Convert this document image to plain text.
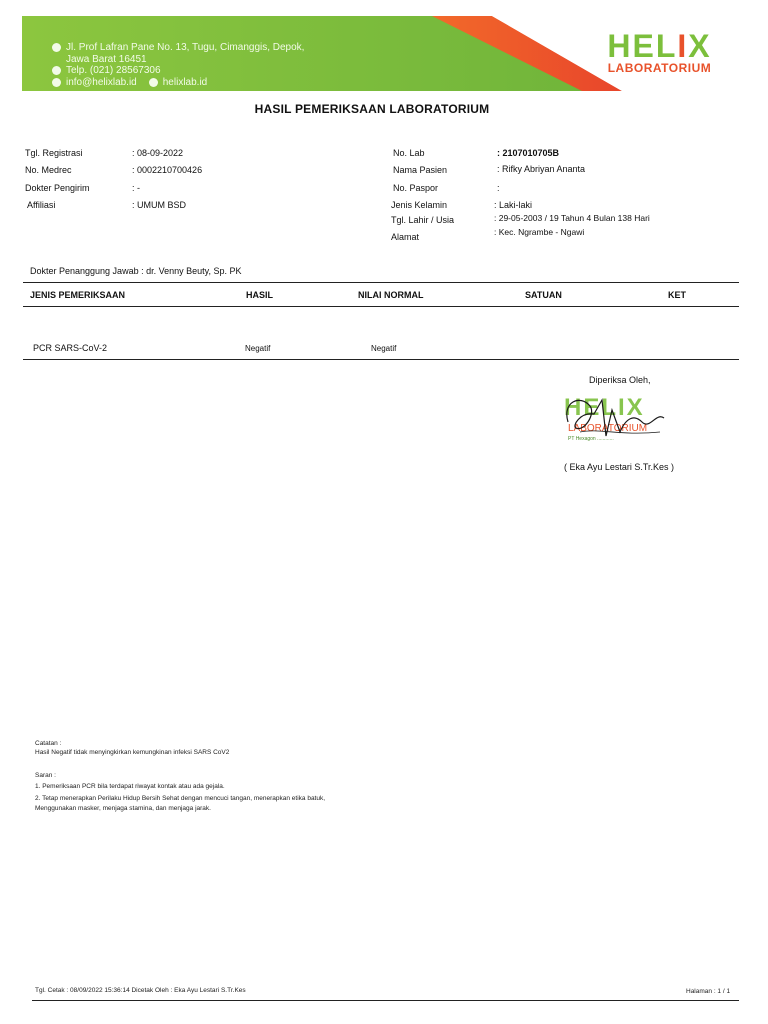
Jl. Prof Lafran Pane No. 13, Tugu, Cimanggis, Depok,
Jawa Barat 16451
Telp. (021) 28567306
info@helixlab.id	helixlab.id
HELIX
LABORATORIUM
HASIL PEMERIKSAAN LABORATORIUM
Tgl. Registrasi	: 08-09-2022
No. Medrec	: 0002210700426
Dokter Pengirim	: -
Affiliasi	: UMUM BSD
No. Lab	: 2107010705B
Nama Pasien	: Rifky Abriyan Ananta
No. Paspor	:
Jenis Kelamin	: Laki-laki
Tgl. Lahir / Usia	: 29-05-2003 / 19 Tahun 4 Bulan 138 Hari
Alamat	: Kec. Ngrambe - Ngawi
Dokter Penanggung Jawab : dr. Venny Beuty, Sp. PK
JENIS PEMERIKSAAN	HASIL	NILAI NORMAL	SATUAN	KET
PCR SARS-CoV-2	Negatif	Negatif
Diperiksa Oleh,
HELIX
LABORATORIUM
PT Hexagon ............
( Eka Ayu Lestari S.Tr.Kes )
Catatan :
Hasil Negatif tidak menyingkirkan kemungkinan infeksi SARS CoV2
Saran :
1. Pemeriksaan PCR bila terdapat riwayat kontak atau ada gejala.
2. Tetap menerapkan Perilaku Hidup Bersih Sehat dengan mencuci tangan, menerapkan etika batuk,
Menggunakan masker, menjaga stamina, dan menjaga jarak.
Tgl. Cetak : 08/09/2022 15:36:14 Dicetak Oleh : Eka Ayu Lestari S.Tr.Kes	Halaman : 1 / 1
